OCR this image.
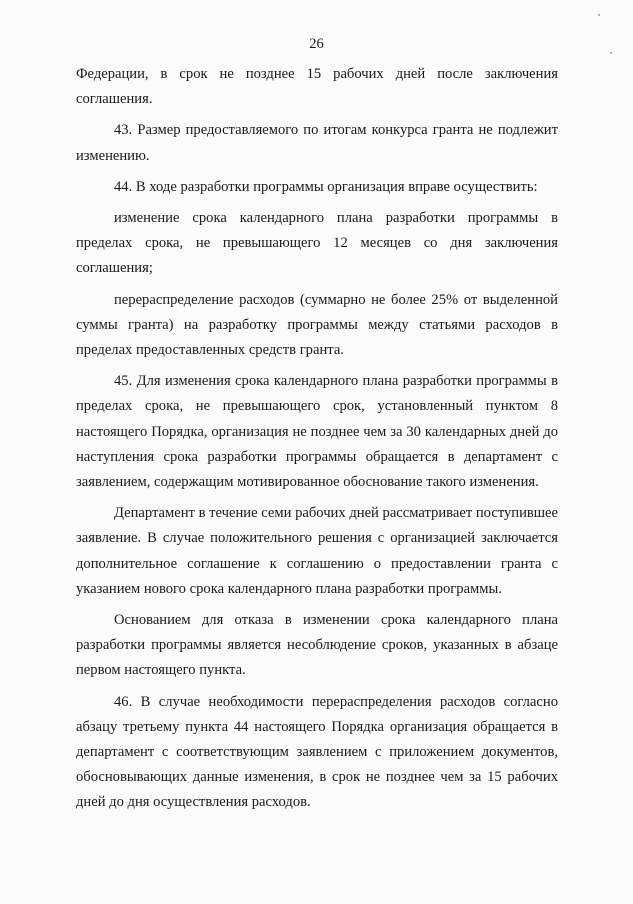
26

Федерации, в срок не позднее 15 рабочих дней после заключения соглашения.

43. Размер предоставляемого по итогам конкурса гранта не подлежит изменению.

44. В ходе разработки программы организация вправе осуществить:

изменение срока календарного плана разработки программы в пределах срока, не превышающего 12 месяцев со дня заключения соглашения;

перераспределение расходов (суммарно не более 25% от выделенной суммы гранта) на разработку программы между статьями расходов в пределах предоставленных средств гранта.

45. Для изменения срока календарного плана разработки программы в пределах срока, не превышающего срок, установленный пунктом 8 настоящего Порядка, организация не позднее чем за 30 календарных дней до наступления срока разработки программы обращается в департамент с заявлением, содержащим мотивированное обоснование такого изменения.

Департамент в течение семи рабочих дней рассматривает поступившее заявление. В случае положительного решения с организацией заключается дополнительное соглашение к соглашению о предоставлении гранта с указанием нового срока календарного плана разработки программы.

Основанием для отказа в изменении срока календарного плана разработки программы является несоблюдение сроков, указанных в абзаце первом настоящего пункта.

46. В случае необходимости перераспределения расходов согласно абзацу третьему пункта 44 настоящего Порядка организация обращается в департамент с соответствующим заявлением с приложением документов, обосновывающих данные изменения, в срок не позднее чем за 15 рабочих дней до дня осуществления расходов.
